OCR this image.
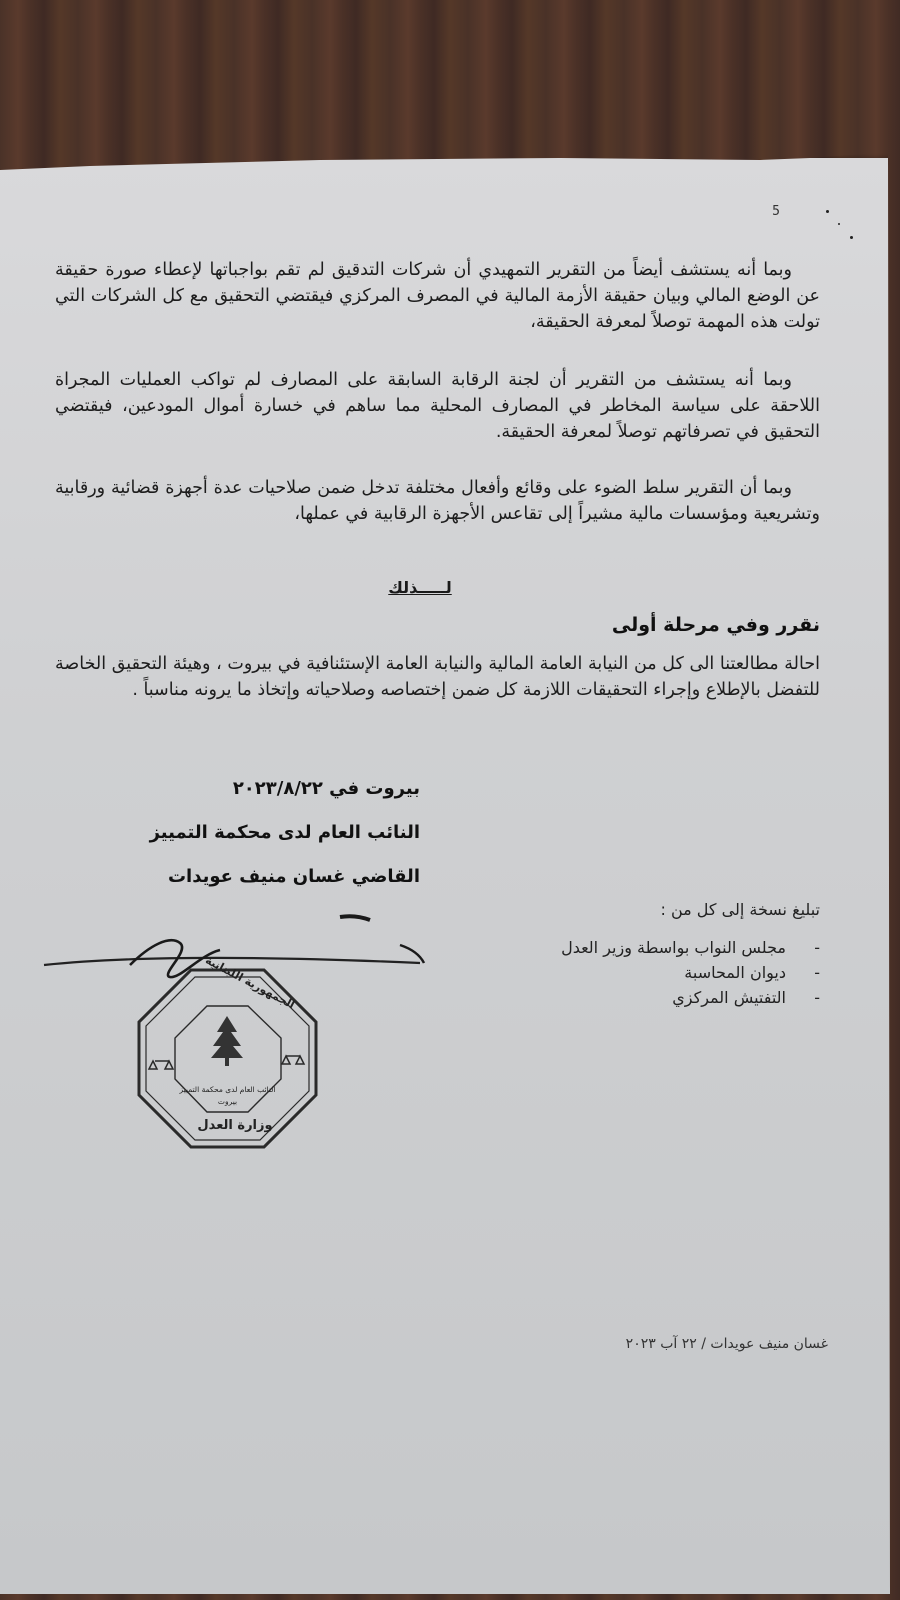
5

وبما أنه يستشف أيضاً من التقرير التمهيدي أن شركات التدقيق لم تقم بواجباتها لإعطاء صورة حقيقة عن الوضع المالي وبيان حقيقة الأزمة المالية في المصرف المركزي فيقتضي التحقيق مع كل الشركات التي تولت هذه المهمة توصلاً لمعرفة الحقيقة،

وبما أنه يستشف من التقرير أن لجنة الرقابة السابقة على المصارف لم تواكب العمليات المجراة اللاحقة على سياسة المخاطر في المصارف المحلية مما ساهم في خسارة أموال المودعين، فيقتضي التحقيق في تصرفاتهم توصلاً لمعرفة الحقيقة.

وبما أن التقرير سلط الضوء على وقائع وأفعال مختلفة تدخل ضمن صلاحيات عدة أجهزة قضائية ورقابية وتشريعية ومؤسسات مالية مشيراً إلى تقاعس الأجهزة الرقابية في عملها،

لـــــذلك
نقرر وفي مرحلة أولى

احالة مطالعتنا الى كل من النيابة العامة المالية والنيابة العامة الإستئنافية في بيروت ، وهيئة التحقيق الخاصة للتفضل بالإطلاع وإجراء التحقيقات اللازمة كل ضمن إختصاصه وصلاحياته وإتخاذ ما يرونه مناسباً .

بيروت في ٢٠٢٣/٨/٢٢
النائب العام لدى محكمة التمييز
القاضي غسان منيف عويدات
تبليغ نسخة إلى كل من :
-مجلس النواب بواسطة وزير العدل
-ديوان المحاسبة
-التفتيش المركزي
النائب العام لدى محكمة التمييز
بيروت
الجمهورية اللبنانية
وزارة العدل
غسان منيف عويدات / ٢٢ آب ٢٠٢٣
